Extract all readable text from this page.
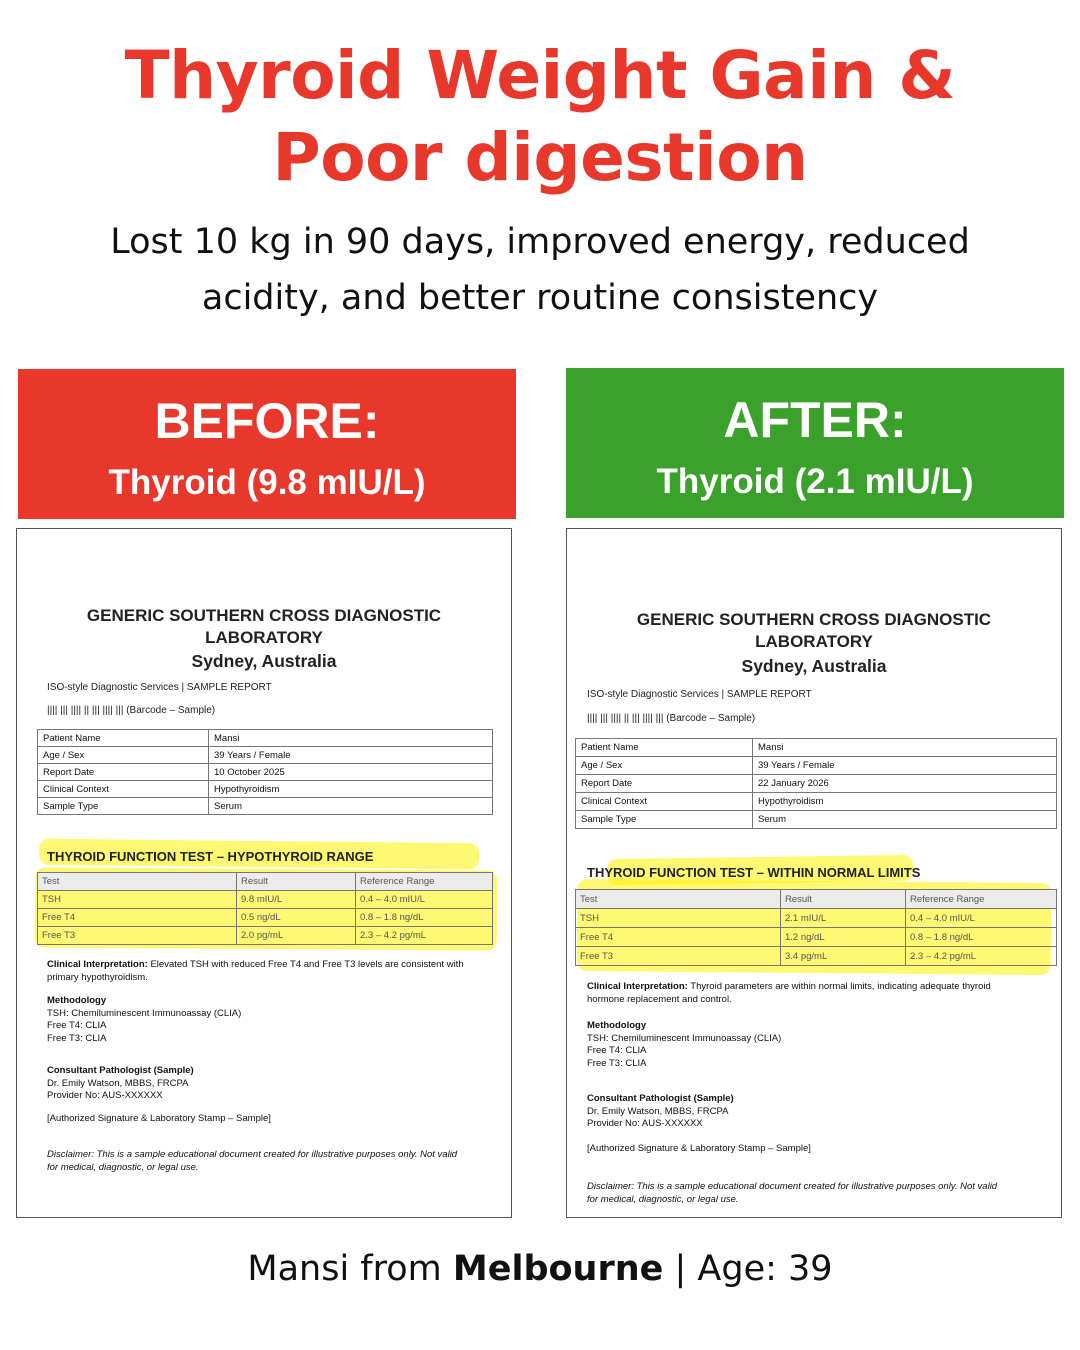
Thyroid Weight Gain &
Poor digestion
Lost 10 kg in 90 days, improved energy, reduced
acidity, and better routine consistency
BEFORE:
Thyroid (9.8 mIU/L)
AFTER:
Thyroid (2.1 mIU/L)
GENERIC SOUTHERN CROSS DIAGNOSTIC
LABORATORY
Sydney, Australia
ISO-style Diagnostic Services | SAMPLE REPORT
|||| ||| |||| || ||| |||| ||| (Barcode – Sample)
Patient Name	Mansi
Age / Sex	39 Years / Female
Report Date	10 October 2025
Clinical Context	Hypothyroidism
Sample Type	Serum
THYROID FUNCTION TEST – HYPOTHYROID RANGE
Test	Result	Reference Range
TSH	9.8 mIU/L	0.4 – 4.0 mIU/L
Free T4	0.5 ng/dL	0.8 – 1.8 ng/dL
Free T3	2.0 pg/mL	2.3 – 4.2 pg/mL
Clinical Interpretation: Elevated TSH with reduced Free T4 and Free T3 levels are consistent with
primary hypothyroidism.
Methodology
TSH: Chemiluminescent Immunoassay (CLIA)
Free T4: CLIA
Free T3: CLIA
Consultant Pathologist (Sample)
Dr. Emily Watson, MBBS, FRCPA
Provider No: AUS-XXXXXX
[Authorized Signature & Laboratory Stamp – Sample]
Disclaimer: This is a sample educational document created for illustrative purposes only. Not valid
for medical, diagnostic, or legal use.
GENERIC SOUTHERN CROSS DIAGNOSTIC
LABORATORY
Sydney, Australia
ISO-style Diagnostic Services | SAMPLE REPORT
|||| ||| |||| || ||| |||| ||| (Barcode – Sample)
Patient Name	Mansi
Age / Sex	39 Years / Female
Report Date	22 January 2026
Clinical Context	Hypothyroidism
Sample Type	Serum
THYROID FUNCTION TEST – WITHIN NORMAL LIMITS
Test	Result	Reference Range
TSH	2.1 mIU/L	0.4 – 4.0 mIU/L
Free T4	1.2 ng/dL	0.8 – 1.8 ng/dL
Free T3	3.4 pg/mL	2.3 – 4.2 pg/mL
Clinical Interpretation: Thyroid parameters are within normal limits, indicating adequate thyroid
hormone replacement and control.
Methodology
TSH: Chemiluminescent Immunoassay (CLIA)
Free T4: CLIA
Free T3: CLIA
Consultant Pathologist (Sample)
Dr. Emily Watson, MBBS, FRCPA
Provider No: AUS-XXXXXX
[Authorized Signature & Laboratory Stamp – Sample]
Disclaimer: This is a sample educational document created for illustrative purposes only. Not valid
for medical, diagnostic, or legal use.
Mansi from Melbourne | Age: 39
